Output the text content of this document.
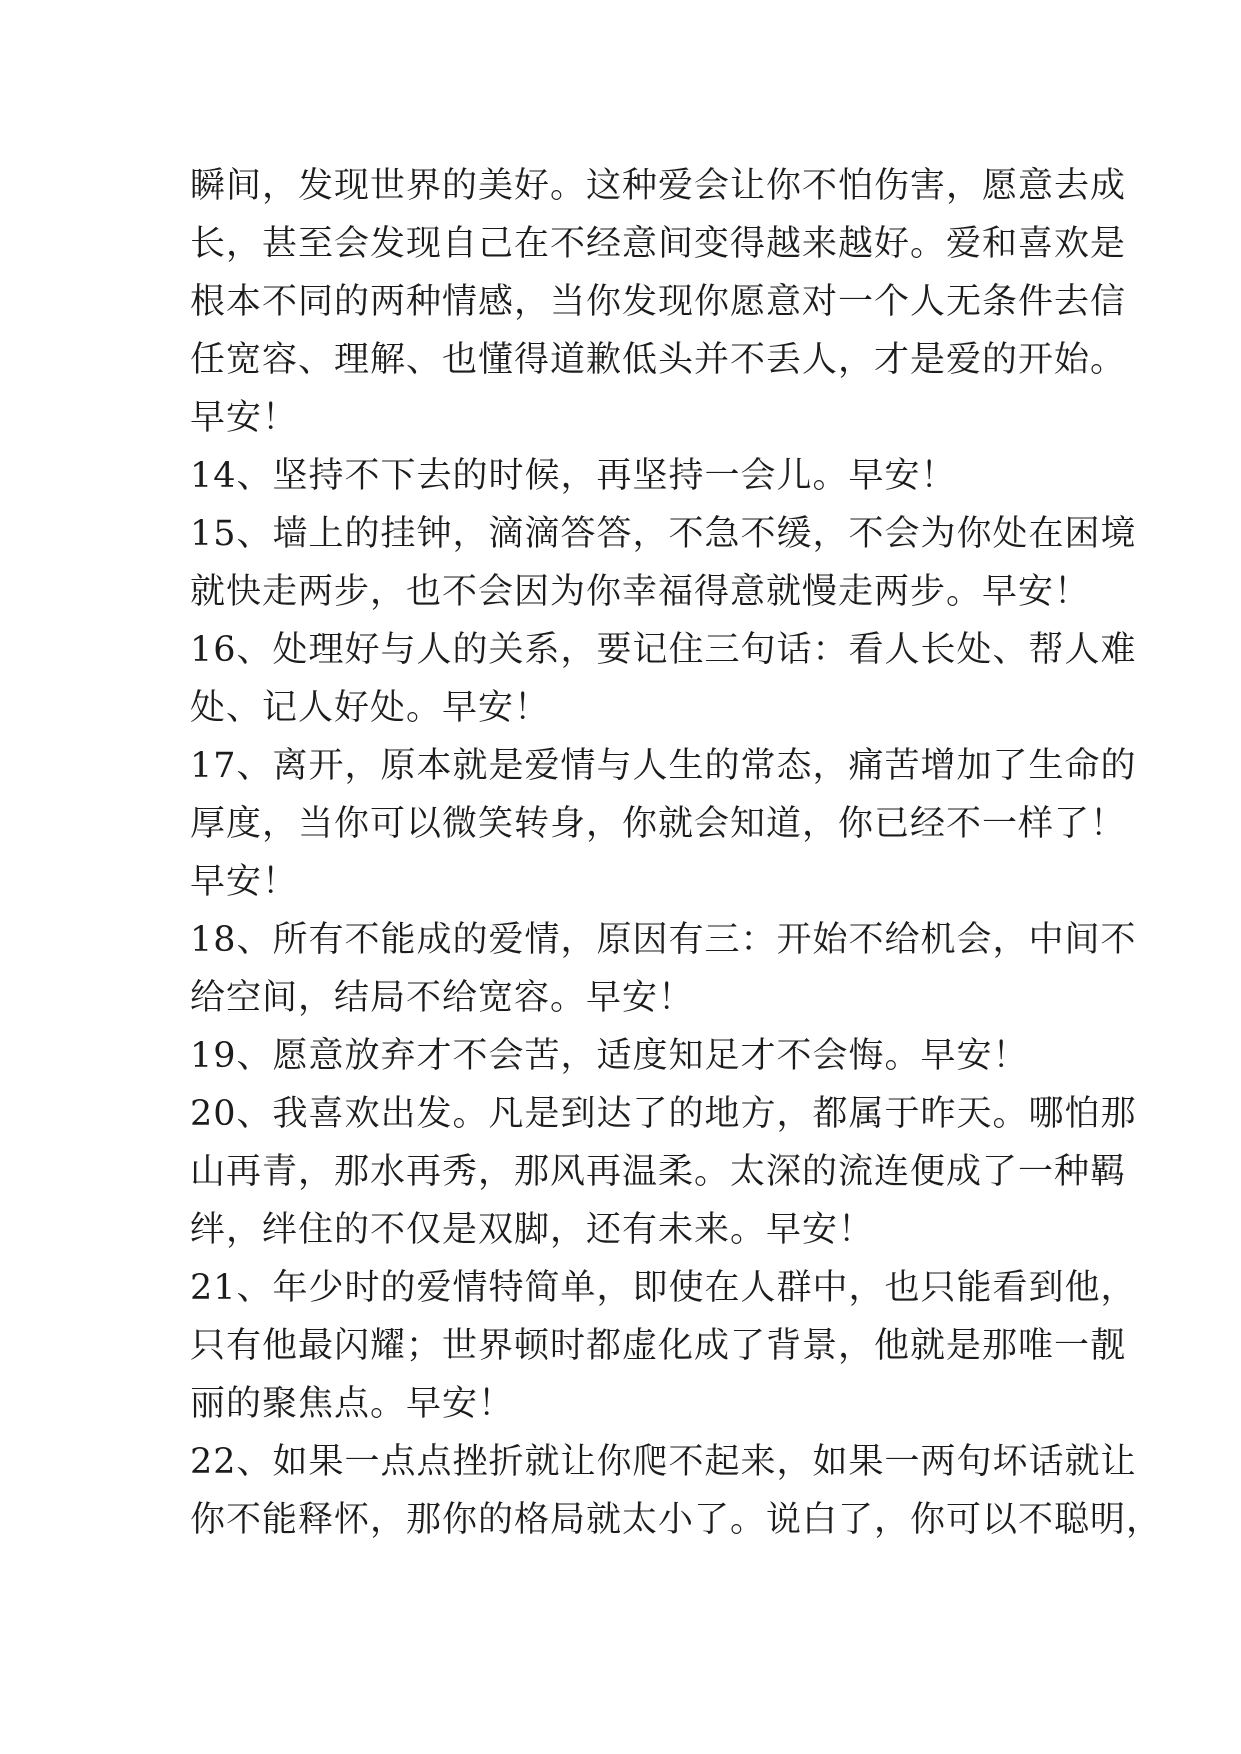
瞬间，发现世界的美好。这种爱会让你不怕伤害，愿意去成
长，甚至会发现自己在不经意间变得越来越好。爱和喜欢是
根本不同的两种情感，当你发现你愿意对一个人无条件去信
任宽容、理解、也懂得道歉低头并不丢人，才是爱的开始。
早安！
14、坚持不下去的时候，再坚持一会儿。早安！
15、墙上的挂钟，滴滴答答，不急不缓，不会为你处在困境
就快走两步，也不会因为你幸福得意就慢走两步。早安！
16、处理好与人的关系，要记住三句话：看人长处、帮人难
处、记人好处。早安！
17、离开，原本就是爱情与人生的常态，痛苦增加了生命的
厚度，当你可以微笑转身，你就会知道，你已经不一样了！
早安！
18、所有不能成的爱情，原因有三：开始不给机会，中间不
给空间，结局不给宽容。早安！
19、愿意放弃才不会苦，适度知足才不会悔。早安！
20、我喜欢出发。凡是到达了的地方，都属于昨天。哪怕那
山再青，那水再秀，那风再温柔。太深的流连便成了一种羁
绊，绊住的不仅是双脚，还有未来。早安！
21、年少时的爱情特简单，即使在人群中，也只能看到他，
只有他最闪耀；世界顿时都虚化成了背景，他就是那唯一靓
丽的聚焦点。早安！
22、如果一点点挫折就让你爬不起来，如果一两句坏话就让
你不能释怀，那你的格局就太小了。说白了，你可以不聪明，
